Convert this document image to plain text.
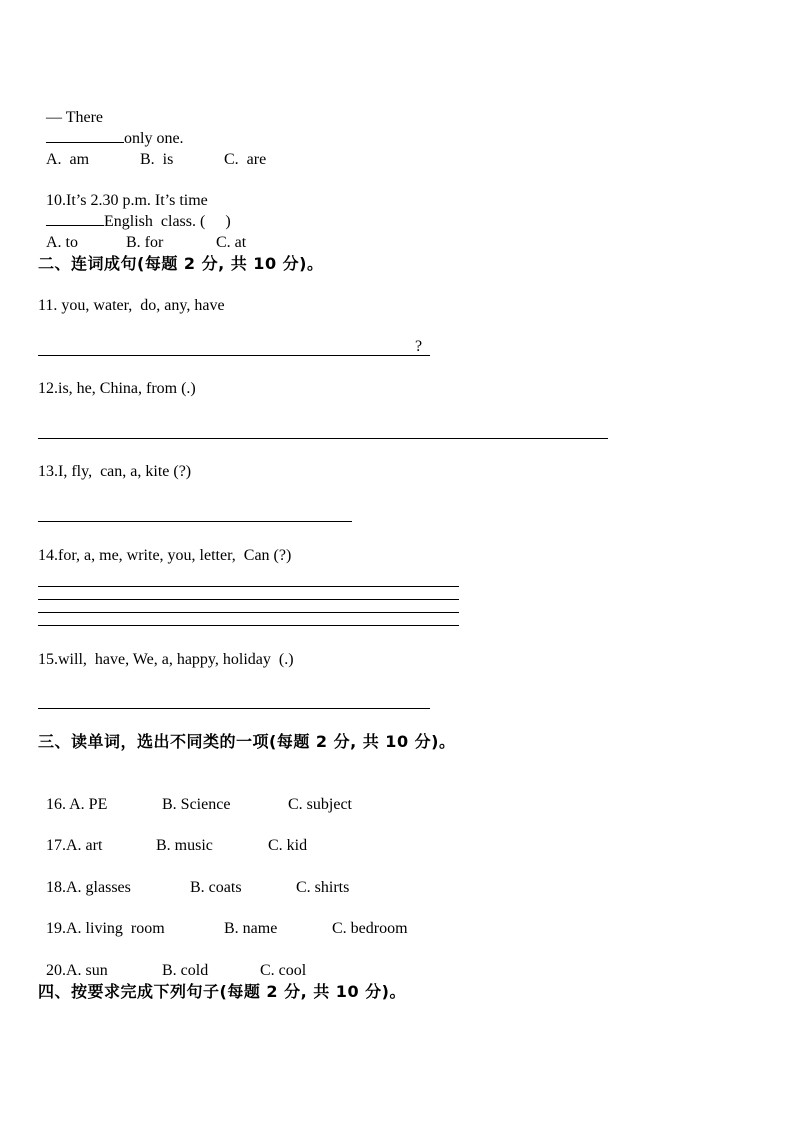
— There
only one.

A.  am	B.  is	C.  are

10.It’s 2.30 p.m. It’s time
English  class. (     )

A. to	B. for	C. at

二、连词成句(每题 2 分, 共 10 分)。
11. you, water,  do, any, have
?
12.is, he, China, from (.)
13.I, fly,  can, a, kite (?)
14.for, a, me, write, you, letter,  Can (?)
15.will,  have, We, a, happy, holiday  (.)
三、读单词，选出不同类的一项(每题 2 分, 共 10 分)。

16. A. PE	B. Science	C. subject

17.A. art	B. music	C. kid

18.A. glasses	B. coats	C. shirts

19.A. living  room	B. name	C. bedroom

20.A. sun	B. cold	C. cool

四、按要求完成下列句子(每题 2 分, 共 10 分)。
